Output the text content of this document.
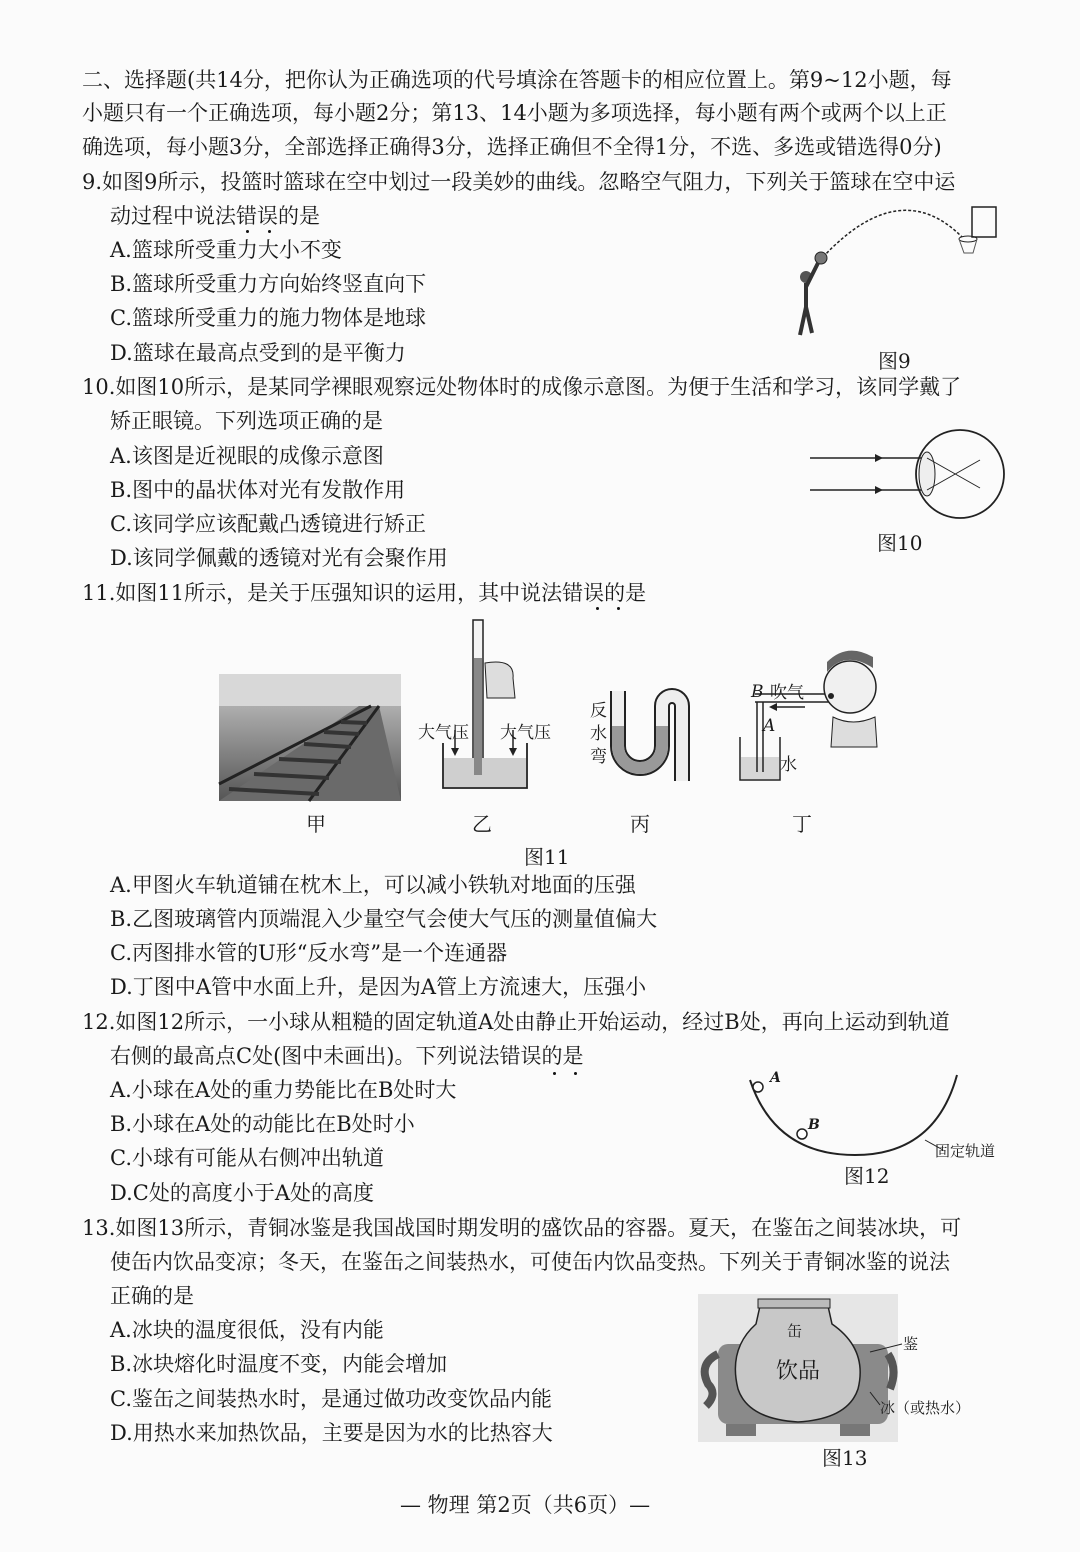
二、选择题(共14分，把你认为正确选项的代号填涂在答题卡的相应位置上。第9~12小题，每
小题只有一个正确选项，每小题2分；第13、14小题为多项选择，每小题有两个或两个以上正
确选项，每小题3分，全部选择正确得3分，选择正确但不全得1分，不选、多选或错选得0分)
9.如图9所示，投篮时篮球在空中划过一段美妙的曲线。忽略空气阻力，下列关于篮球在空中运
动过程中说法错误的是
A.篮球所受重力大小不变
B.篮球所受重力方向始终竖直向下
C.篮球所受重力的施力物体是地球
D.篮球在最高点受到的是平衡力	图9
10.如图10所示，是某同学裸眼观察远处物体时的成像示意图。为便于生活和学习，该同学戴了
矫正眼镜。下列选项正确的是
A.该图是近视眼的成像示意图
B.图中的晶状体对光有发散作用
C.该同学应该配戴凸透镜进行矫正
D.该同学佩戴的透镜对光有会聚作用
图10
11.如图11所示，是关于压强知识的运用，其中说法错误的是
大气压 大气压
反
水
弯
B 吹气
A
水
甲	乙	丙	丁
图11
A.甲图火车轨道铺在枕木上，可以减小铁轨对地面的压强
B.乙图玻璃管内顶端混入少量空气会使大气压的测量值偏大
C.丙图排水管的U形“反水弯”是一个连通器
D.丁图中A管中水面上升，是因为A管上方流速大，压强小
12.如图12所示，一小球从粗糙的固定轨道A处由静止开始运动，经过B处，再向上运动到轨道
右侧的最高点C处(图中未画出)。下列说法错误的是
A.小球在A处的重力势能比在B处时大
B.小球在A处的动能比在B处时小
C.小球有可能从右侧冲出轨道
D.C处的高度小于A处的高度
A
B
固定轨道
图12
13.如图13所示，青铜冰鉴是我国战国时期发明的盛饮品的容器。夏天，在鉴缶之间装冰块，可
使缶内饮品变凉；冬天，在鉴缶之间装热水，可使缶内饮品变热。下列关于青铜冰鉴的说法
正确的是
A.冰块的温度很低，没有内能
B.冰块熔化时温度不变，内能会增加
C.鉴缶之间装热水时，是通过做功改变饮品内能
D.用热水来加热饮品，主要是因为水的比热容大
缶
饮品
鉴
冰（或热水）
图13
— 物理 第2页（共6页）—
